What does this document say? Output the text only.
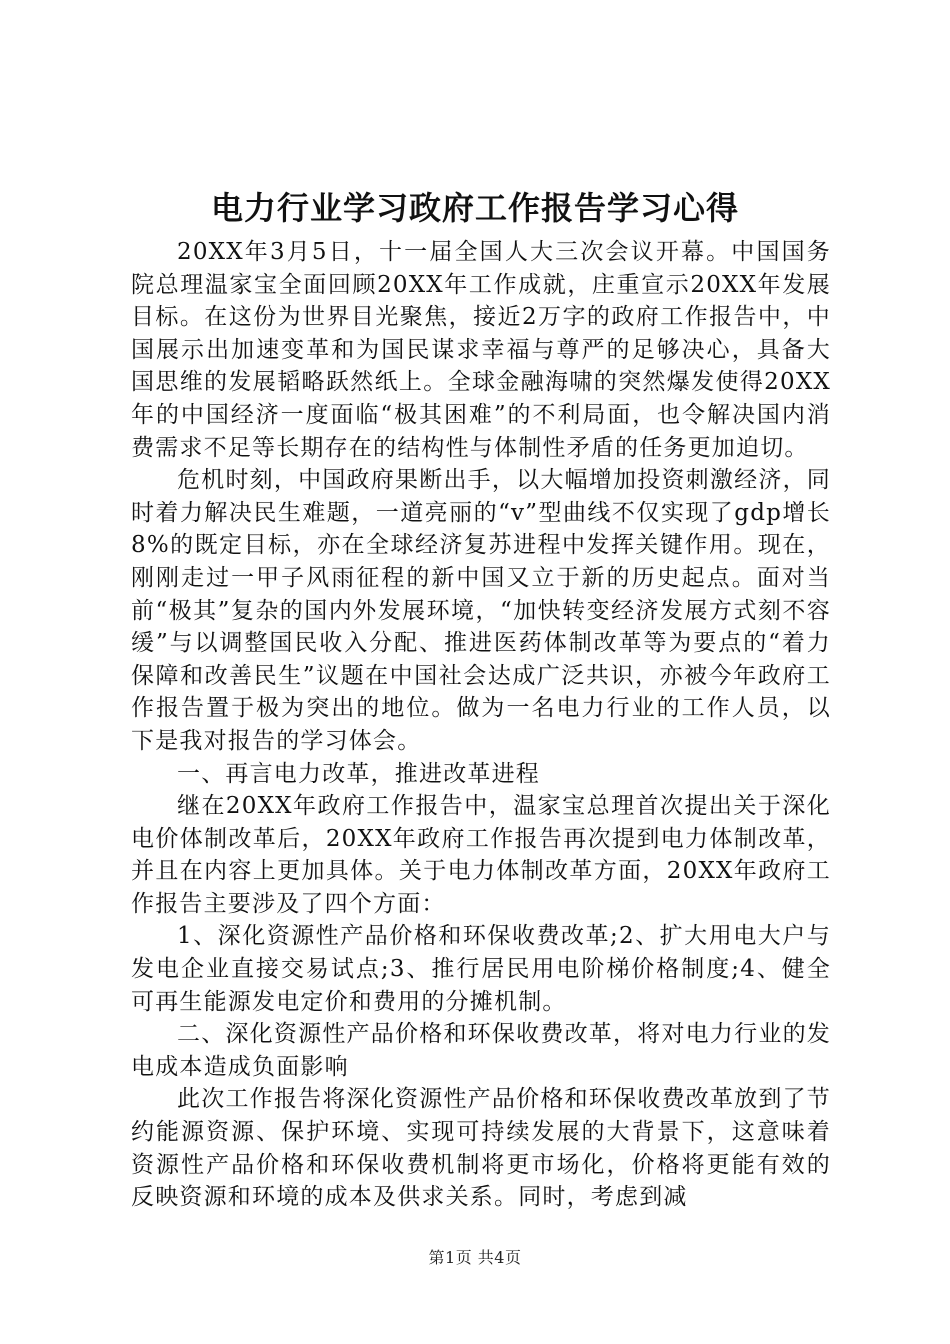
电力行业学习政府工作报告学习心得

20XX年3月5日，十一届全国人大三次会议开幕。中国国务院总理温家宝全面回顾20XX年工作成就，庄重宣示20XX年发展目标。在这份为世界目光聚焦，接近2万字的政府工作报告中，中国展示出加速变革和为国民谋求幸福与尊严的足够决心，具备大国思维的发展韬略跃然纸上。全球金融海啸的突然爆发使得20XX年的中国经济一度面临“极其困难”的不利局面，也令解决国内消费需求不足等长期存在的结构性与体制性矛盾的任务更加迫切。

危机时刻，中国政府果断出手，以大幅增加投资刺激经济，同时着力解决民生难题，一道亮丽的“v”型曲线不仅实现了gdp增长8%的既定目标，亦在全球经济复苏进程中发挥关键作用。现在，刚刚走过一甲子风雨征程的新中国又立于新的历史起点。面对当前“极其”复杂的国内外发展环境，“加快转变经济发展方式刻不容缓”与以调整国民收入分配、推进医药体制改革等为要点的“着力保障和改善民生”议题在中国社会达成广泛共识，亦被今年政府工作报告置于极为突出的地位。做为一名电力行业的工作人员，以下是我对报告的学习体会。

一、再言电力改革，推进改革进程

继在20XX年政府工作报告中，温家宝总理首次提出关于深化电价体制改革后，20XX年政府工作报告再次提到电力体制改革，并且在内容上更加具体。关于电力体制改革方面，20XX年政府工作报告主要涉及了四个方面：

1、深化资源性产品价格和环保收费改革;2、扩大用电大户与发电企业直接交易试点;3、推行居民用电阶梯价格制度;4、健全可再生能源发电定价和费用的分摊机制。

二、深化资源性产品价格和环保收费改革，将对电力行业的发电成本造成负面影响

此次工作报告将深化资源性产品价格和环保收费改革放到了节约能源资源、保护环境、实现可持续发展的大背景下，这意味着资源性产品价格和环保收费机制将更市场化，价格将更能有效的反映资源和环境的成本及供求关系。同时，考虑到减

第1页 共4页
